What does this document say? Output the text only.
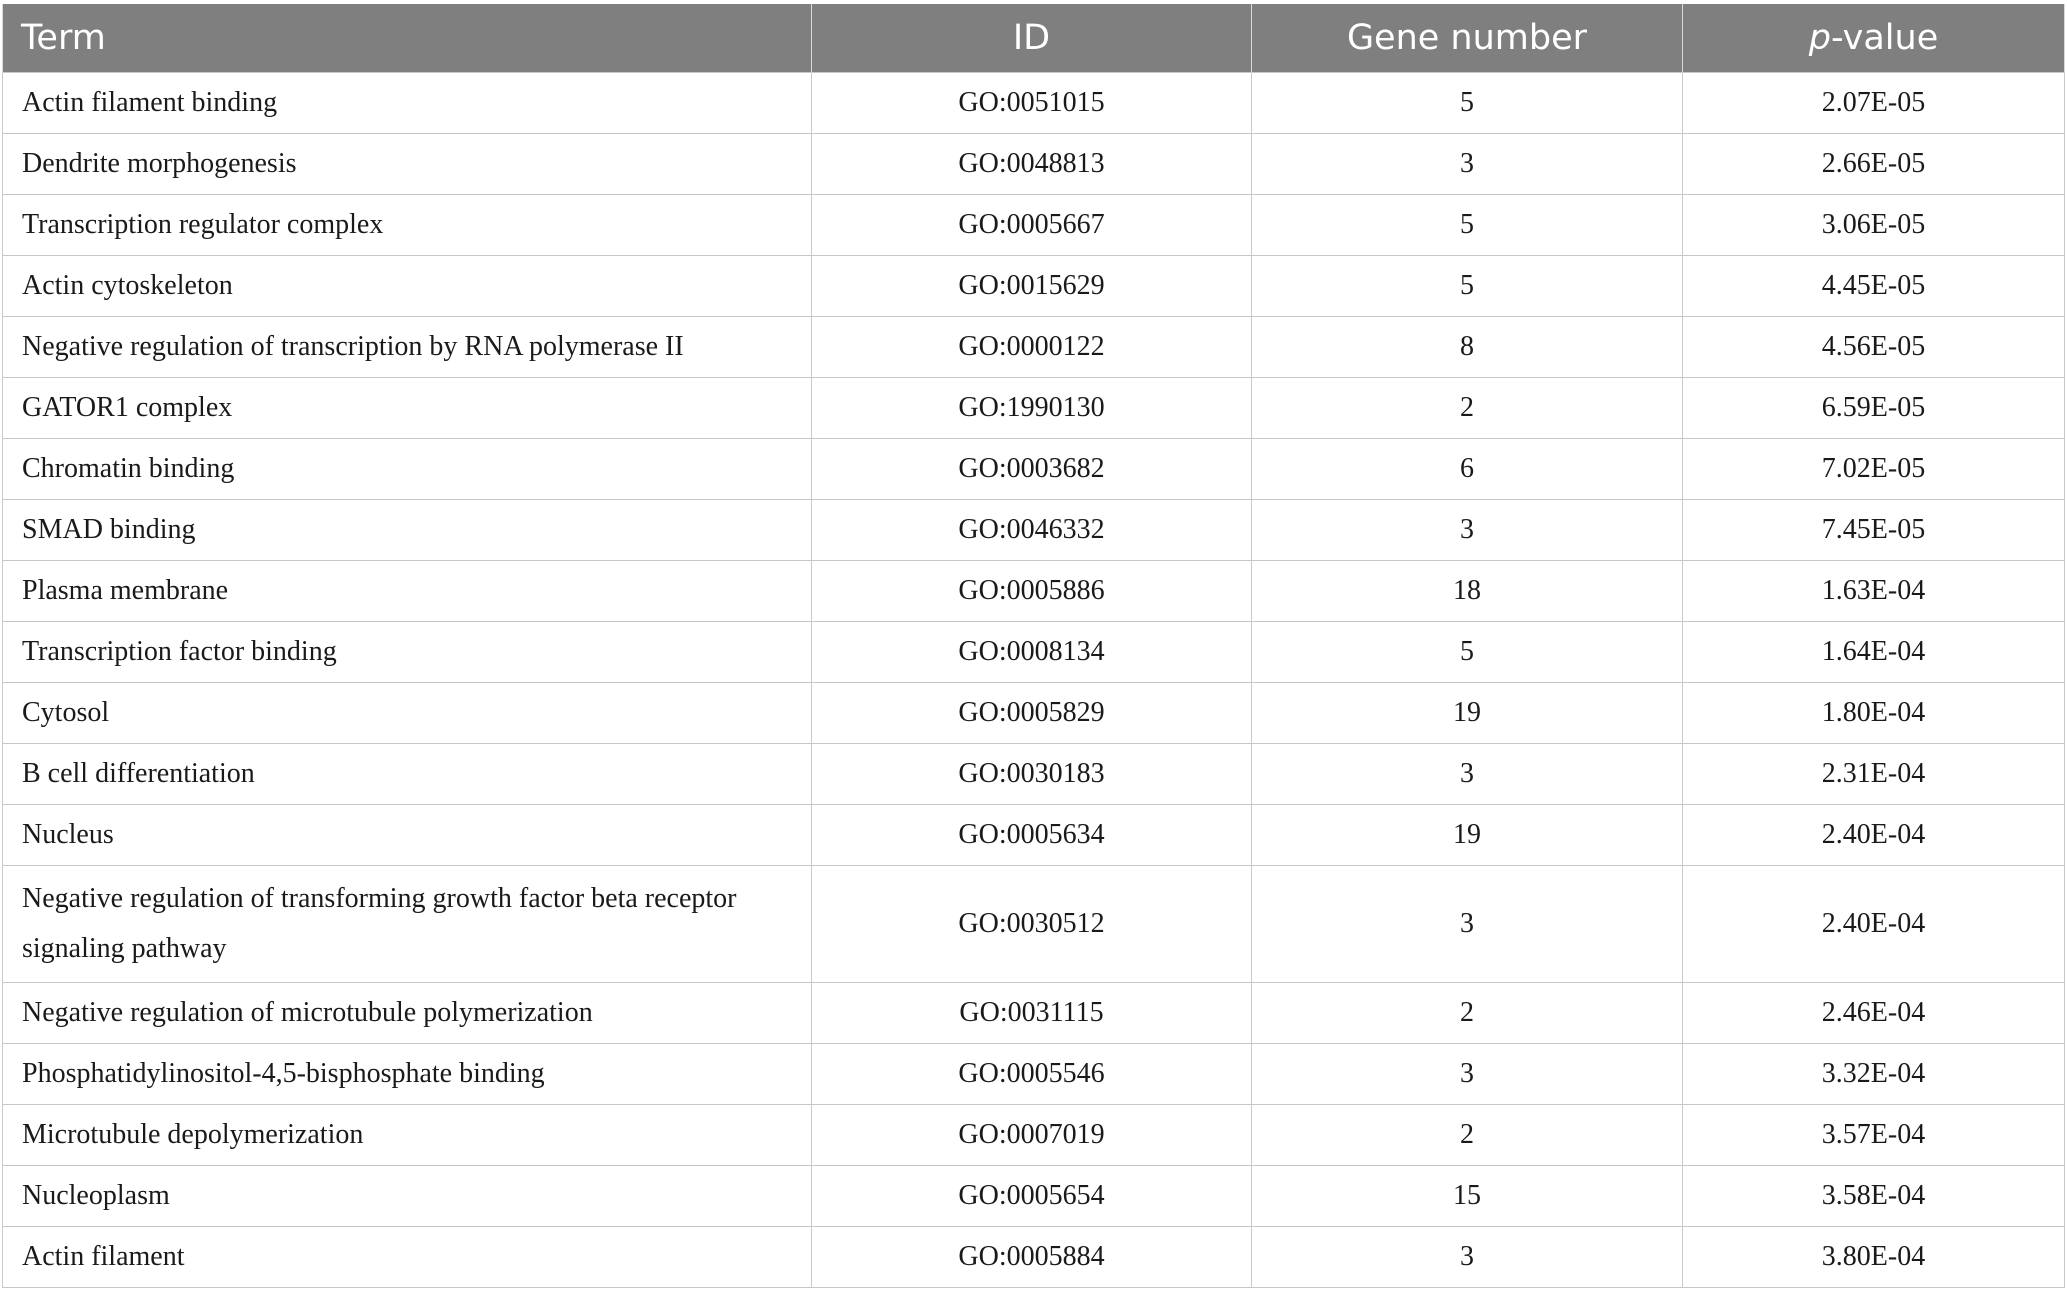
Term	ID	Gene number	p-value
Actin filament binding	GO:0051015	5	2.07E-05
Dendrite morphogenesis	GO:0048813	3	2.66E-05
Transcription regulator complex	GO:0005667	5	3.06E-05
Actin cytoskeleton	GO:0015629	5	4.45E-05
Negative regulation of transcription by RNA polymerase II	GO:0000122	8	4.56E-05
GATOR1 complex	GO:1990130	2	6.59E-05
Chromatin binding	GO:0003682	6	7.02E-05
SMAD binding	GO:0046332	3	7.45E-05
Plasma membrane	GO:0005886	18	1.63E-04
Transcription factor binding	GO:0008134	5	1.64E-04
Cytosol	GO:0005829	19	1.80E-04
B cell differentiation	GO:0030183	3	2.31E-04
Nucleus	GO:0005634	19	2.40E-04
Negative regulation of transforming growth factor beta receptor signaling pathway	GO:0030512	3	2.40E-04
Negative regulation of microtubule polymerization	GO:0031115	2	2.46E-04
Phosphatidylinositol-4,5-bisphosphate binding	GO:0005546	3	3.32E-04
Microtubule depolymerization	GO:0007019	2	3.57E-04
Nucleoplasm	GO:0005654	15	3.58E-04
Actin filament	GO:0005884	3	3.80E-04
